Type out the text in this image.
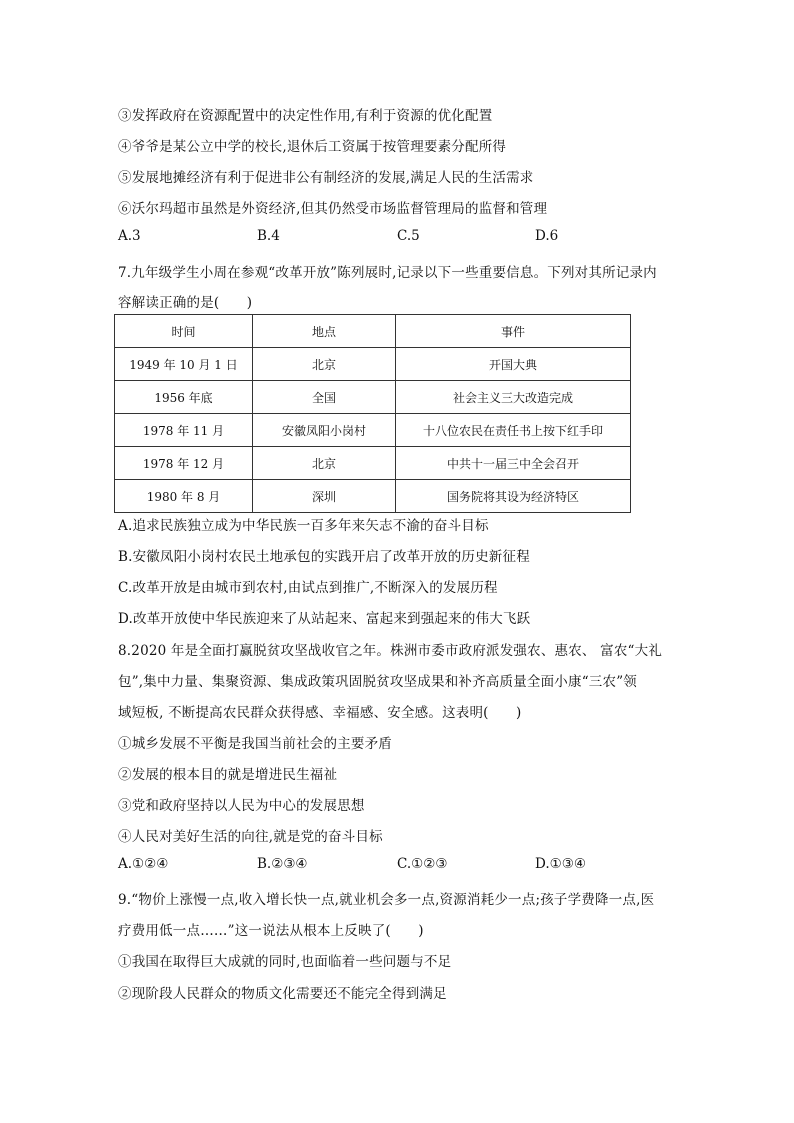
③发挥政府在资源配置中的决定性作用,有利于资源的优化配置
④爷爷是某公立中学的校长,退休后工资属于按管理要素分配所得
⑤发展地摊经济有利于促进非公有制经济的发展,满足人民的生活需求
⑥沃尔玛超市虽然是外资经济,但其仍然受市场监督管理局的监督和管理
A.3	B.4	C.5	D.6
7.九年级学生小周在参观“改革开放”陈列展时,记录以下一些重要信息。下列对其所记录内
容解读正确的是(　　)
时间	地点	事件
1949 年 10 月 1 日	北京	开国大典
1956 年底	全国	社会主义三大改造完成
1978 年 11 月	安徽凤阳小岗村	十八位农民在责任书上按下红手印
1978 年 12 月	北京	中共十一届三中全会召开
1980 年 8 月	深圳	国务院将其设为经济特区
A.追求民族独立成为中华民族一百多年来矢志不渝的奋斗目标
B.安徽凤阳小岗村农民土地承包的实践开启了改革开放的历史新征程
C.改革开放是由城市到农村,由试点到推广,不断深入的发展历程
D.改革开放使中华民族迎来了从站起来、富起来到强起来的伟大飞跃
8.2020 年是全面打赢脱贫攻坚战收官之年。株洲市委市政府派发强农、惠农、 富农“大礼
包”,集中力量、集聚资源、集成政策巩固脱贫攻坚成果和补齐高质量全面小康“三农”领
域短板, 不断提高农民群众获得感、幸福感、安全感。这表明(　　)
①城乡发展不平衡是我国当前社会的主要矛盾
②发展的根本目的就是增进民生福祉
③党和政府坚持以人民为中心的发展思想
④人民对美好生活的向往,就是党的奋斗目标
A.①②④	B.②③④	C.①②③	D.①③④
9.“物价上涨慢一点,收入增长快一点,就业机会多一点,资源消耗少一点;孩子学费降一点,医
疗费用低一点……”这一说法从根本上反映了(　　)
①我国在取得巨大成就的同时,也面临着一些问题与不足
②现阶段人民群众的物质文化需要还不能完全得到满足
